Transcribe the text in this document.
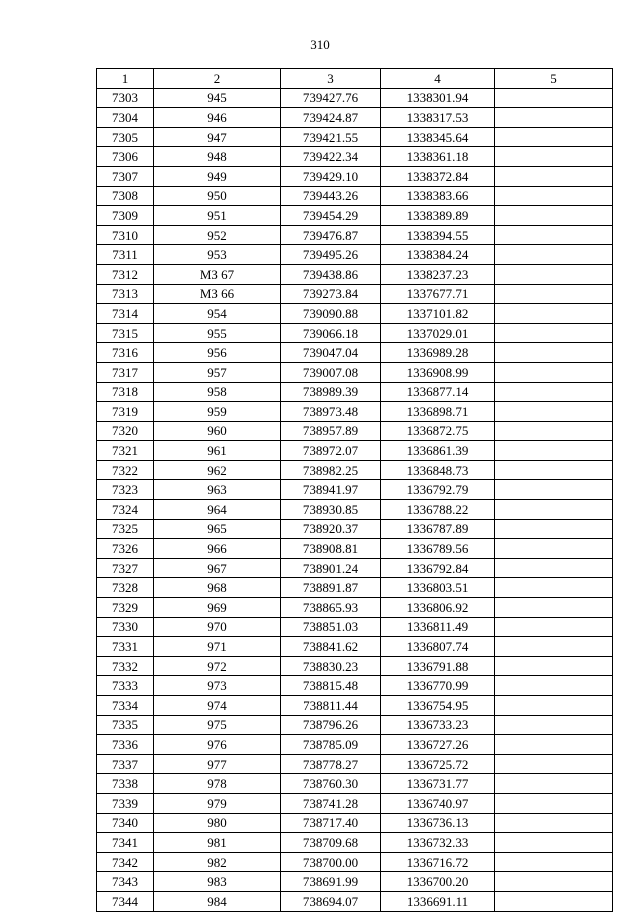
310
1	2	3	4	5
7303	945	739427.76	1338301.94	
7304	946	739424.87	1338317.53	
7305	947	739421.55	1338345.64	
7306	948	739422.34	1338361.18	
7307	949	739429.10	1338372.84	
7308	950	739443.26	1338383.66	
7309	951	739454.29	1338389.89	
7310	952	739476.87	1338394.55	
7311	953	739495.26	1338384.24	
7312	МЗ 67	739438.86	1338237.23	
7313	МЗ 66	739273.84	1337677.71	
7314	954	739090.88	1337101.82	
7315	955	739066.18	1337029.01	
7316	956	739047.04	1336989.28	
7317	957	739007.08	1336908.99	
7318	958	738989.39	1336877.14	
7319	959	738973.48	1336898.71	
7320	960	738957.89	1336872.75	
7321	961	738972.07	1336861.39	
7322	962	738982.25	1336848.73	
7323	963	738941.97	1336792.79	
7324	964	738930.85	1336788.22	
7325	965	738920.37	1336787.89	
7326	966	738908.81	1336789.56	
7327	967	738901.24	1336792.84	
7328	968	738891.87	1336803.51	
7329	969	738865.93	1336806.92	
7330	970	738851.03	1336811.49	
7331	971	738841.62	1336807.74	
7332	972	738830.23	1336791.88	
7333	973	738815.48	1336770.99	
7334	974	738811.44	1336754.95	
7335	975	738796.26	1336733.23	
7336	976	738785.09	1336727.26	
7337	977	738778.27	1336725.72	
7338	978	738760.30	1336731.77	
7339	979	738741.28	1336740.97	
7340	980	738717.40	1336736.13	
7341	981	738709.68	1336732.33	
7342	982	738700.00	1336716.72	
7343	983	738691.99	1336700.20	
7344	984	738694.07	1336691.11	
